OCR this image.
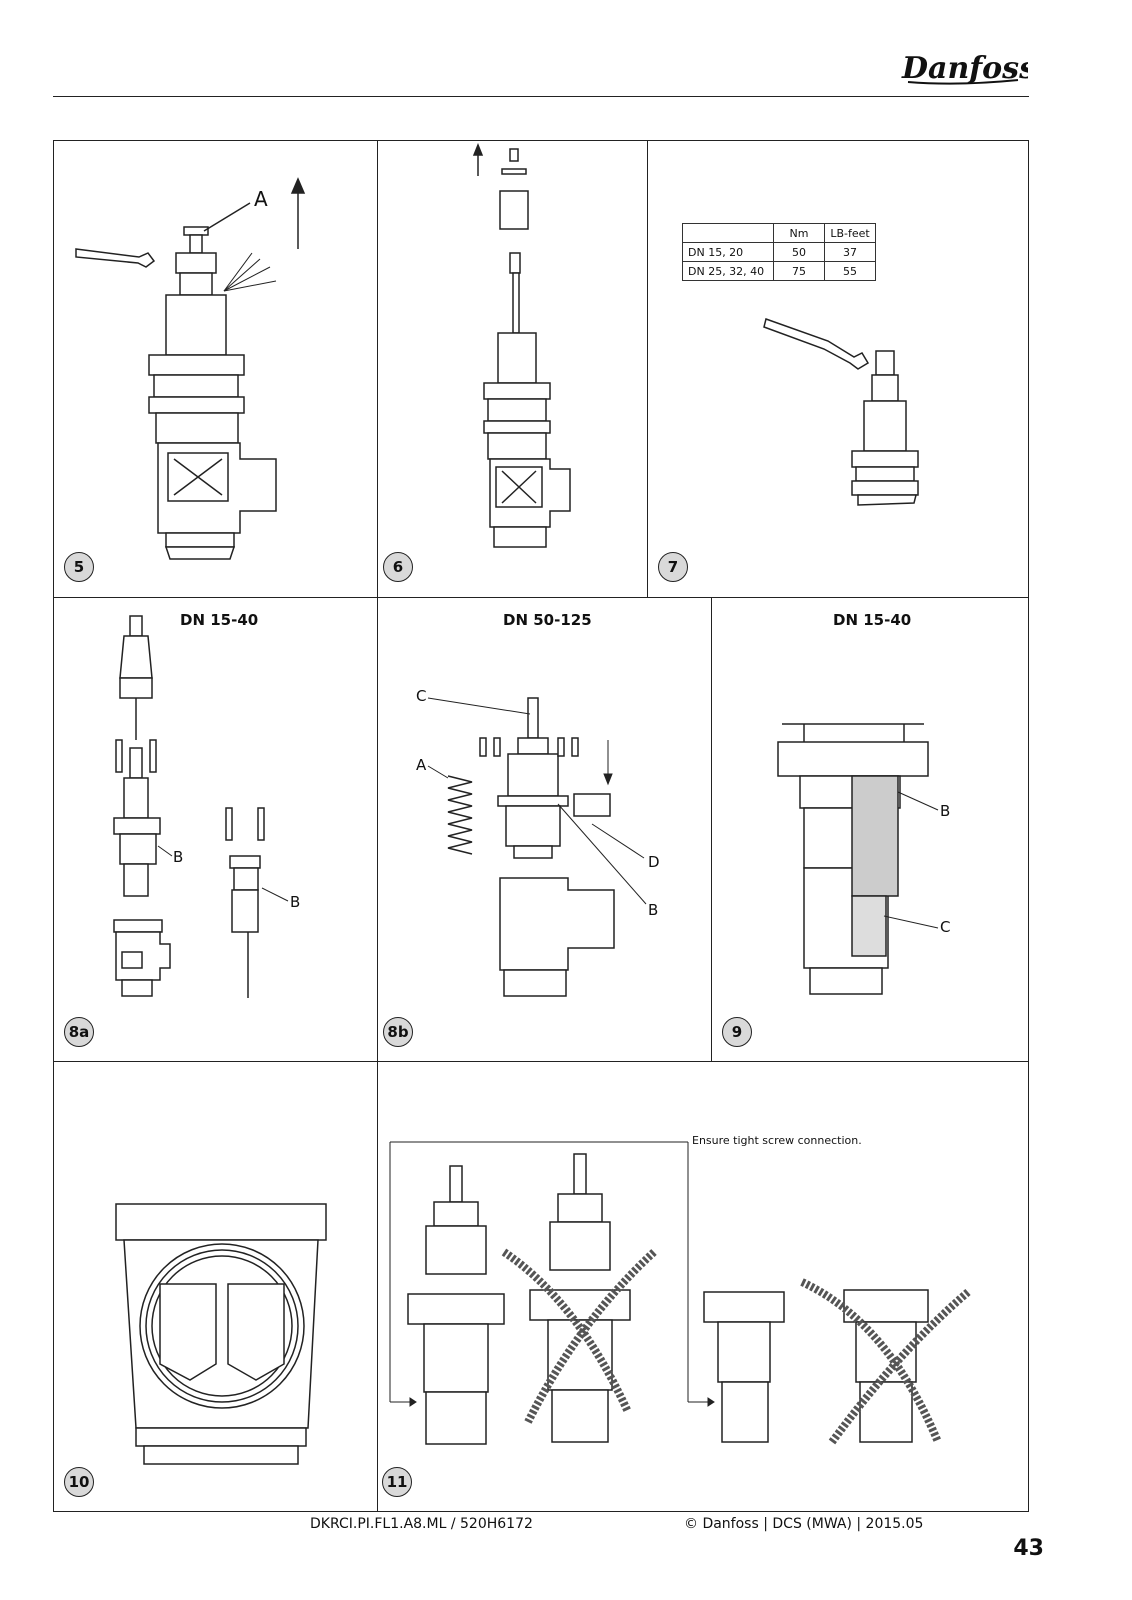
Danfoss
A
5	6	7
	Nm	LB-feet
DN 15, 20	50	37
DN 25, 32, 40	75	55
DN 15-40
B
B
8a
DN 50-125
C
A
D
B
8b
DN 15-40
B
C
9
10
Ensure tight screw connection.
11
DKRCI.PI.FL1.A8.ML / 520H6172	© Danfoss | DCS (MWA) | 2015.05
43
